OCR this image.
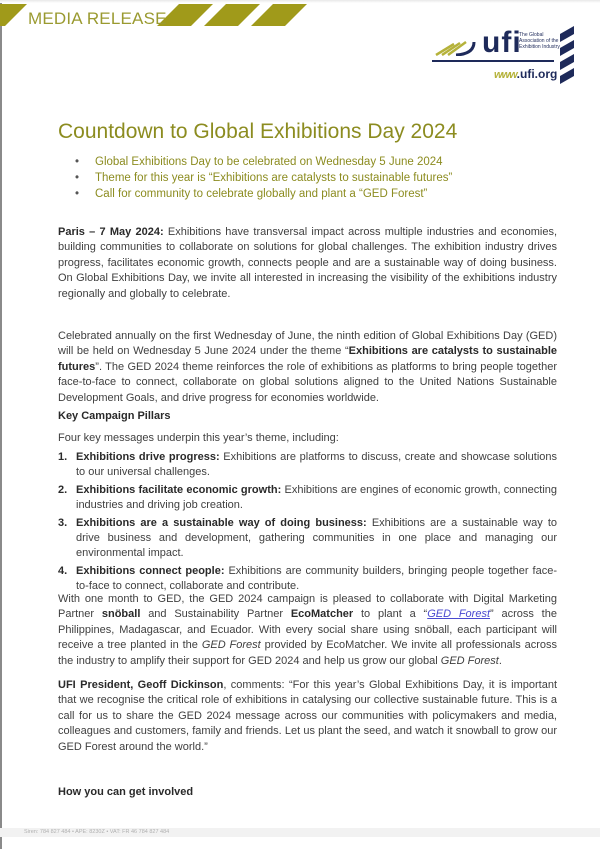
MEDIA RELEASE
ufi
The Global Association of the Exhibition Industry
www.ufi.org
Countdown to Global Exhibitions Day 2024
• Global Exhibitions Day to be celebrated on Wednesday 5 June 2024
• Theme for this year is “Exhibitions are catalysts to sustainable futures”
• Call for community to celebrate globally and plant a “GED Forest”

Paris – 7 May 2024: Exhibitions have transversal impact across multiple industries and economies, building communities to collaborate on solutions for global challenges. The exhibition industry drives progress, facilitates economic growth, connects people and are a sustainable way of doing business. On Global Exhibitions Day, we invite all interested in increasing the visibility of the exhibitions industry regionally and globally to celebrate.

Celebrated annually on the first Wednesday of June, the ninth edition of Global Exhibitions Day (GED) will be held on Wednesday 5 June 2024 under the theme “Exhibitions are catalysts to sustainable futures”. The GED 2024 theme reinforces the role of exhibitions as platforms to bring people together face-to-face to connect, collaborate on global solutions aligned to the United Nations Sustainable Development Goals, and drive progress for economies worldwide.

Key Campaign Pillars

Four key messages underpin this year’s theme, including:

1. Exhibitions drive progress: Exhibitions are platforms to discuss, create and showcase solutions to our universal challenges.
2. Exhibitions facilitate economic growth: Exhibitions are engines of economic growth, connecting industries and driving job creation.
3. Exhibitions are a sustainable way of doing business: Exhibitions are a sustainable way to drive business and development, gathering communities in one place and managing our environmental impact.
4. Exhibitions connect people: Exhibitions are community builders, bringing people together face-to-face to connect, collaborate and contribute.

With one month to GED, the GED 2024 campaign is pleased to collaborate with Digital Marketing Partner snöball and Sustainability Partner EcoMatcher to plant a “GED Forest” across the Philippines, Madagascar, and Ecuador. With every social share using snöball, each participant will receive a tree planted in the GED Forest provided by EcoMatcher. We invite all professionals across the industry to amplify their support for GED 2024 and help us grow our global GED Forest.

UFI President, Geoff Dickinson, comments: “For this year’s Global Exhibitions Day, it is important that we recognise the critical role of exhibitions in catalysing our collective sustainable future. This is a call for us to share the GED 2024 message across our communities with policymakers and media, colleagues and customers, family and friends. Let us plant the seed, and watch it snowball to grow our GED Forest around the world.”

How you can get involved
Siren: 784 827 484 • APE: 8230Z • VAT: FR 46 784 827 484
